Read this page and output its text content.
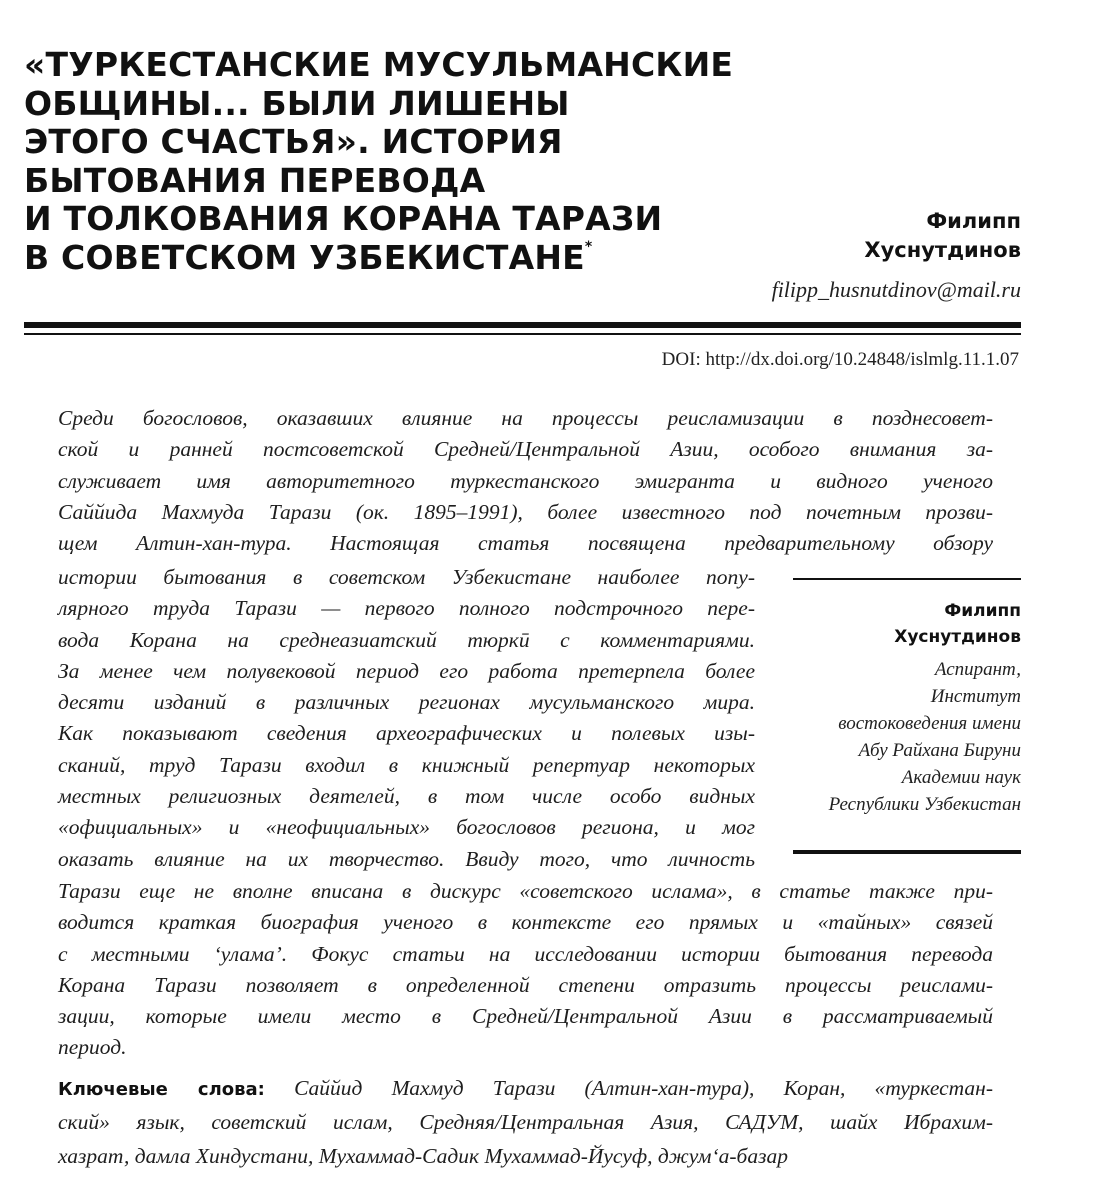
«ТУРКЕСТАНСКИЕ МУСУЛЬМАНСКИЕ
ОБЩИНЫ... БЫЛИ ЛИШЕНЫ
ЭТОГО СЧАСТЬЯ». ИСТОРИЯ
БЫТОВАНИЯ ПЕРЕВОДА
И ТОЛКОВАНИЯ КОРАНА ТАРАЗИ
В СОВЕТСКОМ УЗБЕКИСТАНЕ*
Филипп
Хуснутдинов
filipp_husnutdinov@mail.ru
DOI: http://dx.doi.org/10.24848/islmlg.11.1.07
Среди богословов, оказавших влияние на процессы реисламизации в позднесовет-
ской и ранней постсоветской Средней/Центральной Азии, особого внимания за-
служивает имя авторитетного туркестанского эмигранта и видного ученого
Саййида Махмуда Тарази (ок. 1895–1991), более известного под почетным прозви-
щем Алтин-хан-тура. Настоящая статья посвящена предварительному обзору
истории бытования в советском Узбекистане наиболее попу-
лярного труда Тарази — первого полного подстрочного пере-
вода Корана на среднеазиатский тюркӣ с комментариями.
За менее чем полувековой период его работа претерпела более
десяти изданий в различных регионах мусульманского мира.
Как показывают сведения археографических и полевых изы-
сканий, труд Тарази входил в книжный репертуар некоторых
местных религиозных деятелей, в том числе особо видных
«официальных» и «неофициальных» богословов региона, и мог
оказать влияние на их творчество. Ввиду того, что личность
Филипп
Хуснутдинов
Аспирант,
Институт
востоковедения имени
Абу Райхана Бируни
Академии наук
Республики Узбекистан
Тарази еще не вполне вписана в дискурс «советского ислама», в статье также при-
водится краткая биография ученого в контексте его прямых и «тайных» связей
с местными ‘улама’. Фокус статьи на исследовании истории бытования перевода
Корана Тарази позволяет в определенной степени отразить процессы реислами-
зации, которые имели место в Средней/Центральной Азии в рассматриваемый
период.
Ключевые слова: Саййид Махмуд Тарази (Алтин-хан-тура), Коран, «туркестан-
ский» язык, советский ислам, Средняя/Центральная Азия, САДУМ, шайх Ибрахим-
хазрат, дамла Хиндустани, Мухаммад-Садик Мухаммад-Йусуф, джум‘а-базар
